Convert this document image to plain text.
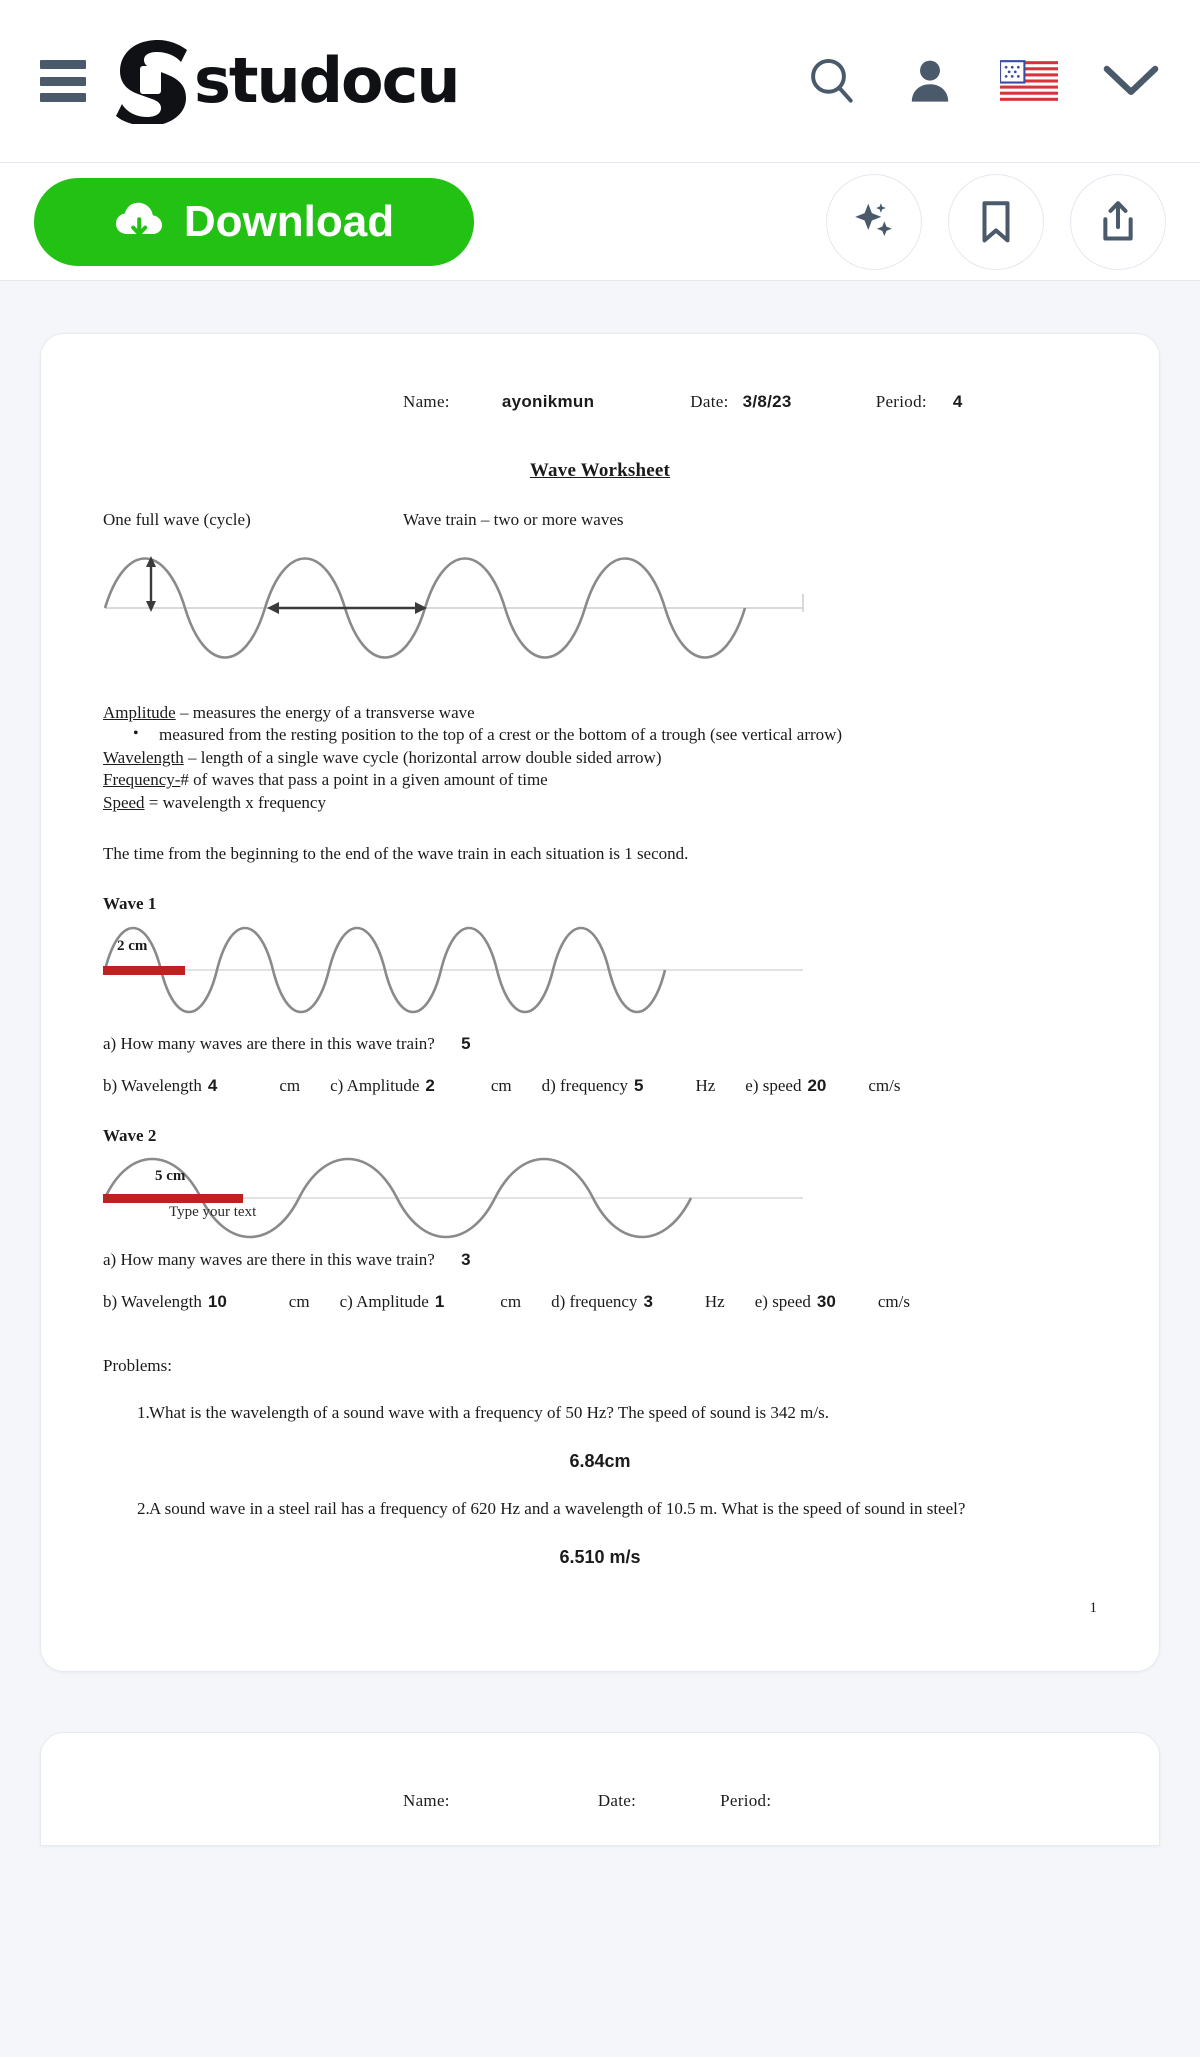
studocu
Download
Name:	ayonikmun	Date: 3/8/23	Period: 4
Wave Worksheet
One full wave (cycle)	Wave train – two or more waves
Amplitude – measures the energy of a transverse wave
• measured from the resting position to the top of a crest or the bottom of a trough (see vertical arrow)
Wavelength – length of a single wave cycle (horizontal arrow double sided arrow)
Frequency-# of waves that pass a point in a given amount of time
Speed = wavelength x frequency
The time from the beginning to the end of the wave train in each situation is 1 second.
Wave 1
2 cm
a) How many waves are there in this wave train? 5
b) Wavelength 4	cm c) Amplitude 2	cm d) frequency 5	Hz e) speed 20 cm/s
Wave 2
5 cm
Type your text
a) How many waves are there in this wave train? 3
b) Wavelength 10	cm c) Amplitude 1	cm d) frequency 3	Hz e) speed 30 cm/s
Problems:
1. What is the wavelength of a sound wave with a frequency of 50 Hz? The speed of sound is 342 m/s.
6.84cm
2. A sound wave in a steel rail has a frequency of 620 Hz and a wavelength of 10.5 m. What is the speed of sound in steel?
6.510 m/s
1
Name:	Date:	Period:
